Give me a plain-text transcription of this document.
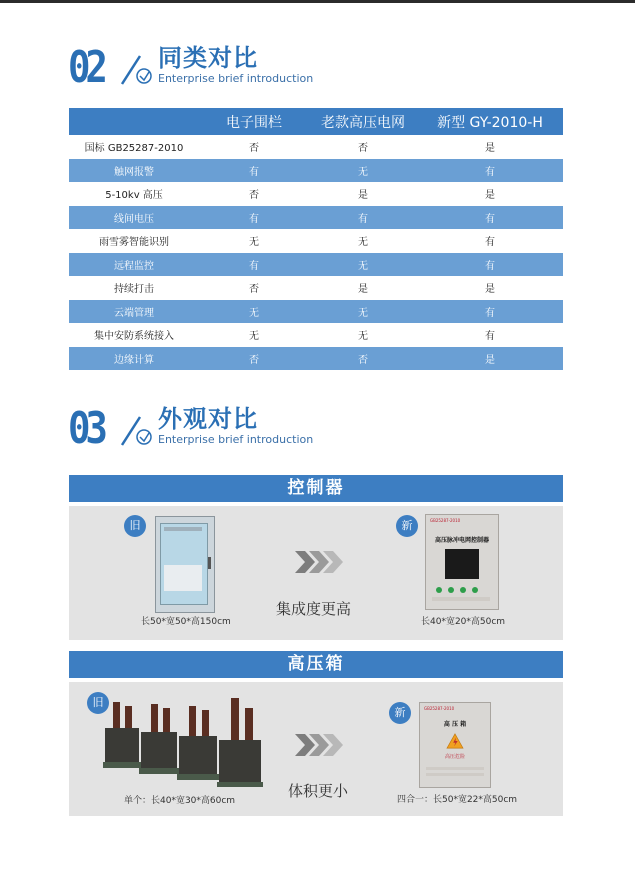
02 同类对比
Enterprise brief introduction
	电子围栏	老款高压电网	新型 GY-2010-H
国标 GB25287-2010	否	否	是
触网报警	有	无	有
5-10kv 高压	否	是	是
线间电压	有	有	有
雨雪雾智能识别	无	无	有
远程监控	有	无	有
持续打击	否	是	是
云端管理	无	无	有
集中安防系统接入	无	无	有
边缘计算	否	否	是
03 外观对比
Enterprise brief introduction
控制器
旧
长50*宽50*高150cm
集成度更高
新	GB25287-2010
高压脉冲电网控制器
长40*宽20*高50cm
高压箱
旧
单个：长40*宽30*高60cm
体积更小
新	GB25287-2010
高 压 箱
高压危险
四合一：长50*宽22*高50cm
